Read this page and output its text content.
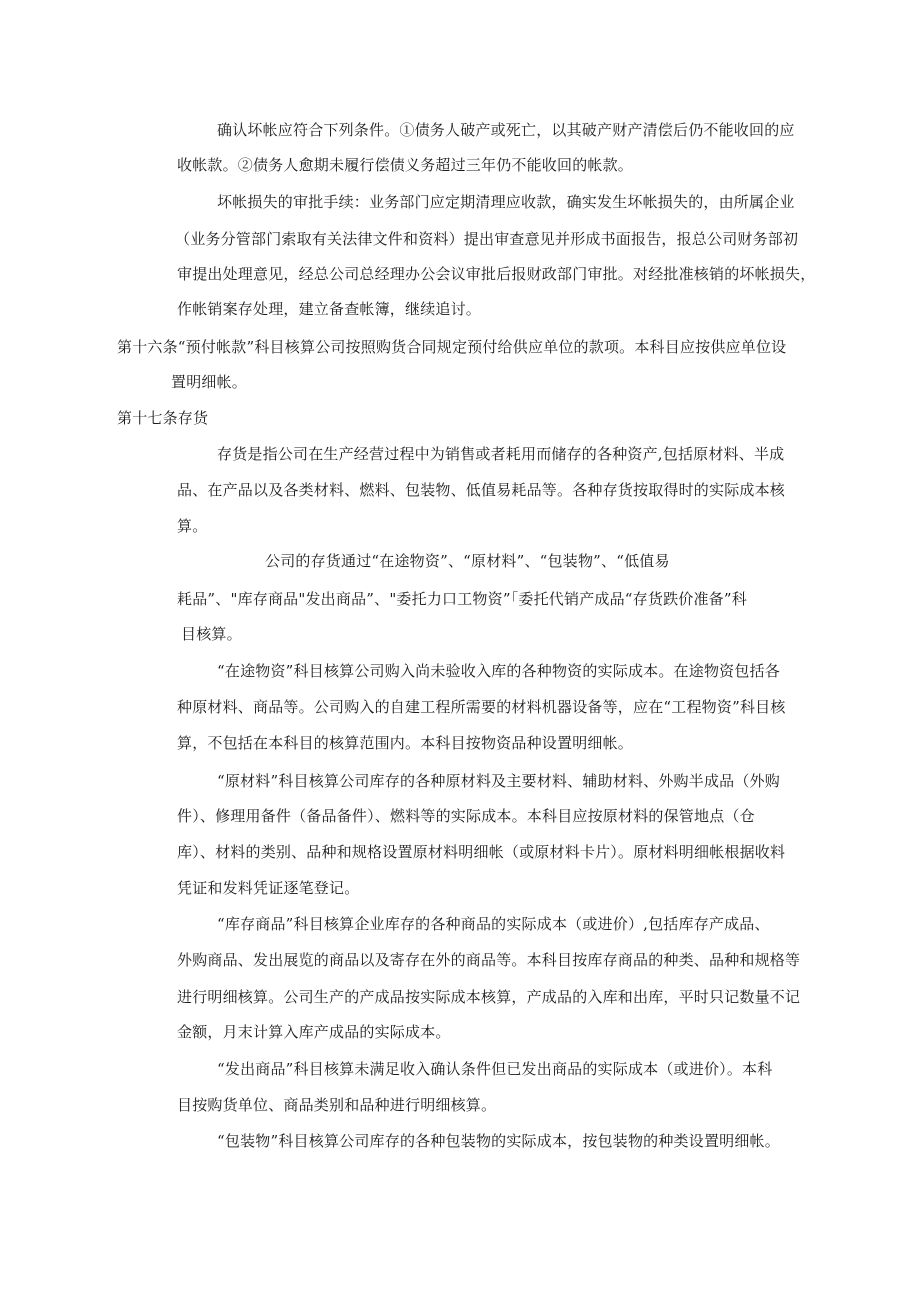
确认坏帐应符合下列条件。①债务人破产或死亡，以其破产财产清偿后仍不能收回的应
收帐款。②债务人愈期未履行偿债义务超过三年仍不能收回的帐款。
坏帐损失的审批手续：业务部门应定期清理应收款，确实发生坏帐损失的，由所属企业
（业务分管部门索取有关法律文件和资料）提出审查意见并形成书面报告，报总公司财务部初
审提出处理意见，经总公司总经理办公会议审批后报财政部门审批。对经批准核销的坏帐损失，
作帐销案存处理，建立备查帐簿，继续追讨。
第十六条“预付帐款”科目核算公司按照购货合同规定预付给供应单位的款项。本科目应按供应单位设
置明细帐。
第十七条存货
存货是指公司在生产经营过程中为销售或者耗用而储存的各种资产,包括原材料、半成
品、在产品以及各类材料、燃料、包装物、低值易耗品等。各种存货按取得时的实际成本核
算。
公司的存货通过“在途物资”、“原材料”、“包装物”、“低值易
耗品”、"库存商品"发出商品”、"委托力口工物资”「委托代销产成品“存货跌价准备”科
目核算。
“在途物资”科目核算公司购入尚未验收入库的各种物资的实际成本。在途物资包括各
种原材料、商品等。公司购入的自建工程所需要的材料机器设备等，应在“工程物资”科目核
算，不包括在本科目的核算范围内。本科目按物资品种设置明细帐。
“原材料”科目核算公司库存的各种原材料及主要材料、辅助材料、外购半成品（外购
件）、修理用备件（备品备件）、燃料等的实际成本。本科目应按原材料的保管地点（仓
库）、材料的类别、品种和规格设置原材料明细帐（或原材料卡片）。原材料明细帐根据收料
凭证和发料凭证逐笔登记。
“库存商品”科目核算企业库存的各种商品的实际成本（或进价）,包括库存产成品、
外购商品、发出展览的商品以及寄存在外的商品等。本科目按库存商品的种类、品种和规格等
进行明细核算。公司生产的产成品按实际成本核算，产成品的入库和出库，平时只记数量不记
金额，月末计算入库产成品的实际成本。
“发出商品”科目核算未满足收入确认条件但已发出商品的实际成本（或进价）。本科
目按购货单位、商品类别和品种进行明细核算。
“包装物”科目核算公司库存的各种包装物的实际成本，按包装物的种类设置明细帐。
